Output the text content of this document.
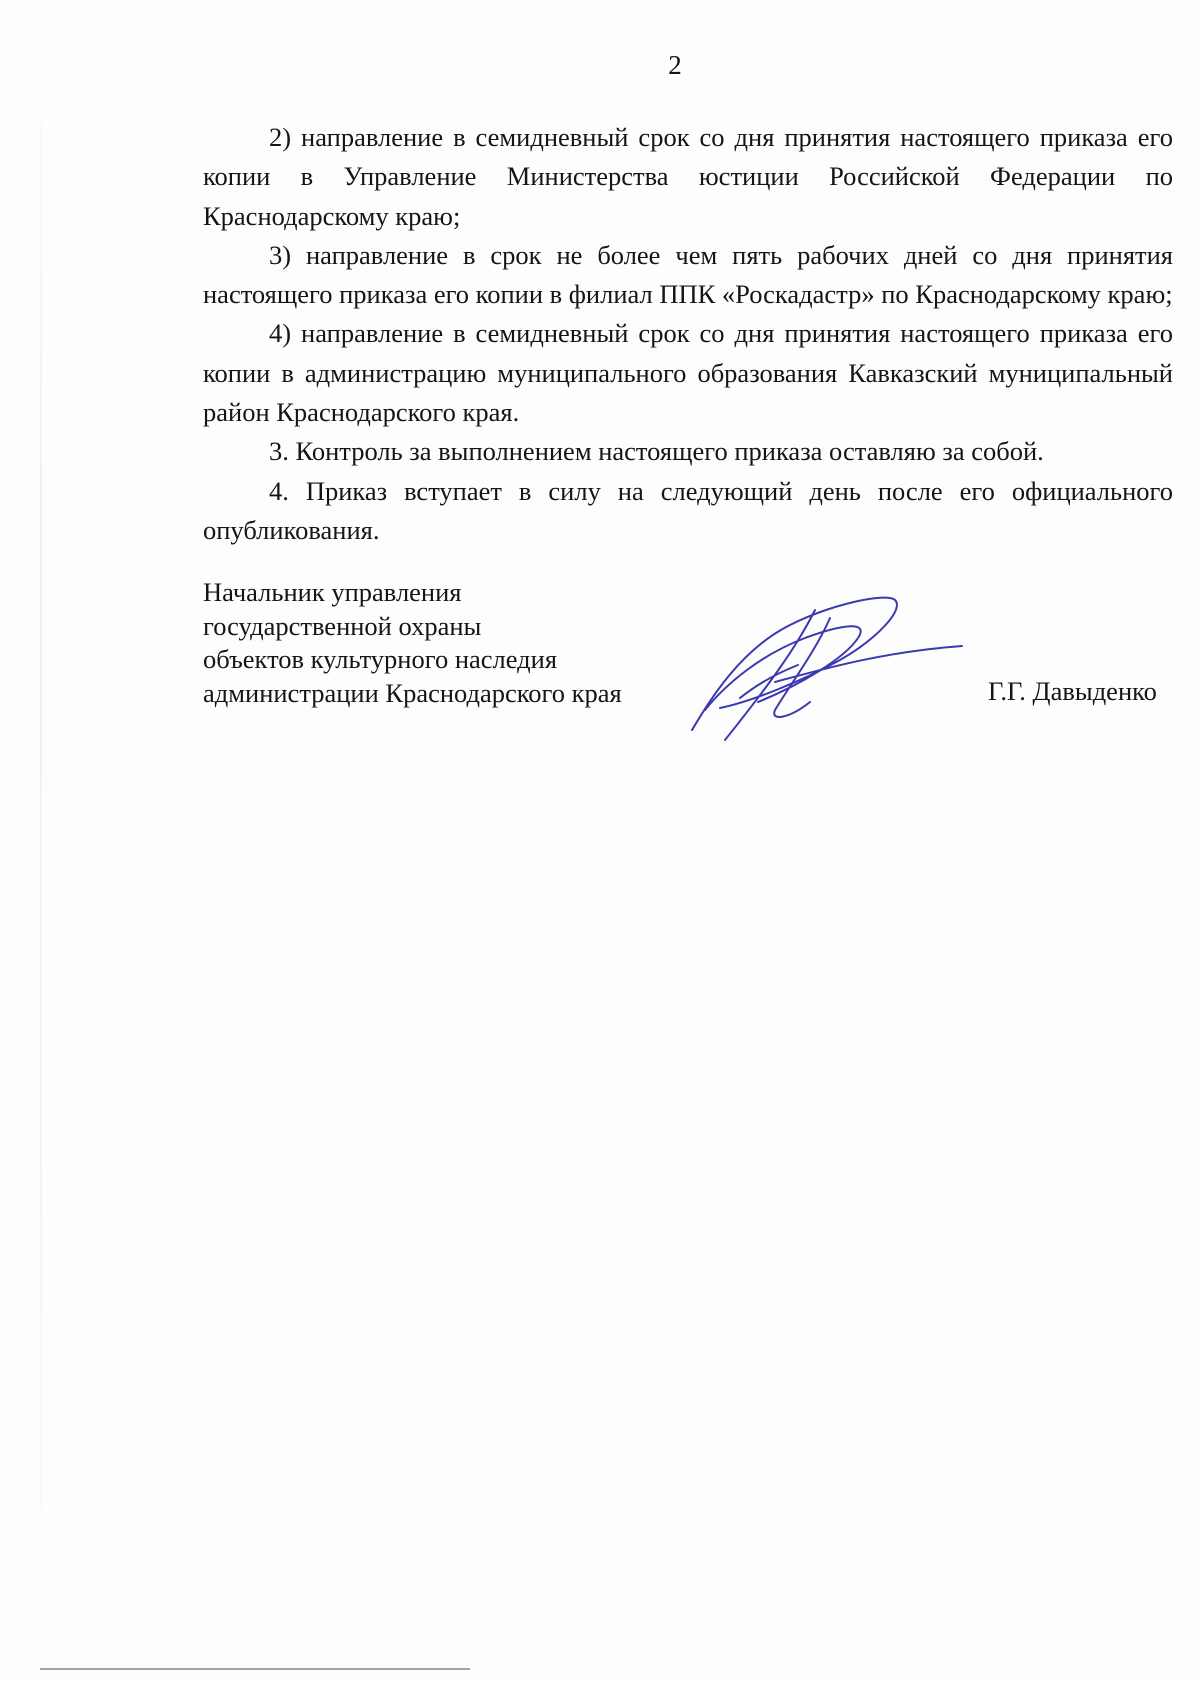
2

2) направление в семидневный срок со дня принятия настоящего приказа его копии в Управление Министерства юстиции Российской Федерации по Краснодарскому краю;

3) направление в срок не более чем пять рабочих дней со дня принятия настоящего приказа его копии в филиал ППК «Роскадастр» по Краснодарскому краю;

4) направление в семидневный срок со дня принятия настоящего приказа его копии в администрацию муниципального образования Кавказский муниципальный район Краснодарского края.

3. Контроль за выполнением настоящего приказа оставляю за собой.

4. Приказ вступает в силу на следующий день после его официального опубликования.

Начальник управления
государственной охраны
объектов культурного наследия
администрации Краснодарского края	Г.Г. Давыденко
